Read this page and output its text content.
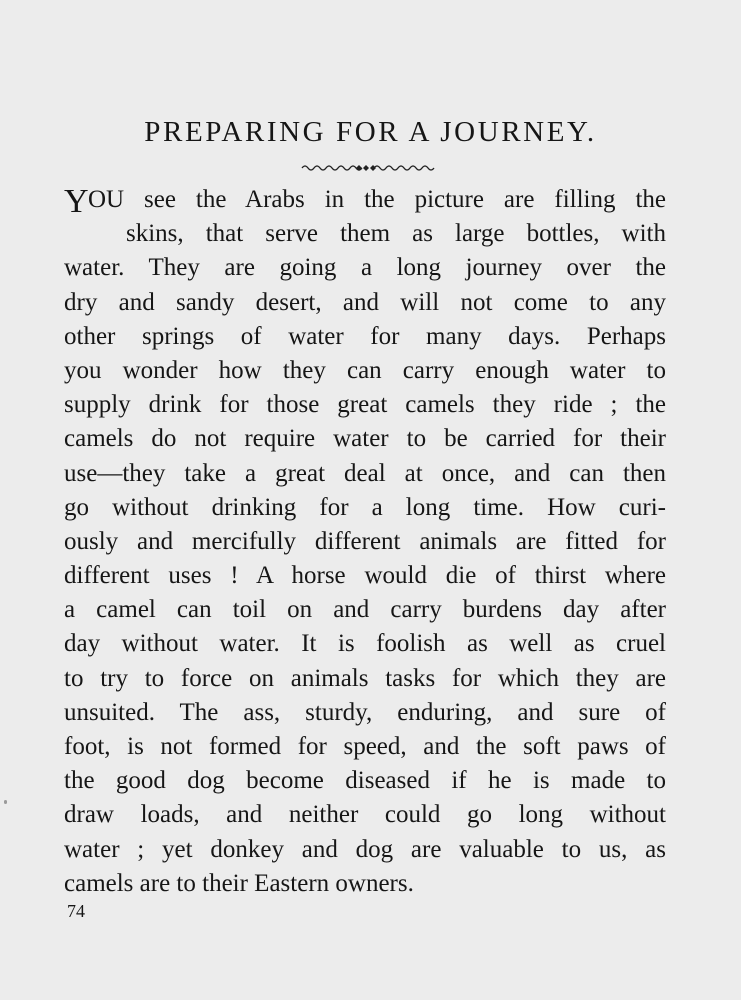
PREPARING FOR A JOURNEY.
Y OU see the Arabs in the picture are filling the
skins, that serve them as large bottles, with
water. They are going a long journey over the
dry and sandy desert, and will not come to any
other springs of water for many days. Perhaps
you wonder how they can carry enough water to
supply drink for those great camels they ride ; the
camels do not require water to be carried for their
use—they take a great deal at once, and can then
go without drinking for a long time. How curi-
ously and mercifully different animals are fitted for
different uses ! A horse would die of thirst where
a camel can toil on and carry burdens day after
day without water. It is foolish as well as cruel
to try to force on animals tasks for which they are
unsuited. The ass, sturdy, enduring, and sure of
foot, is not formed for speed, and the soft paws of
the good dog become diseased if he is made to
draw loads, and neither could go long without
water ; yet donkey and dog are valuable to us, as
camels are to their Eastern owners.
74
